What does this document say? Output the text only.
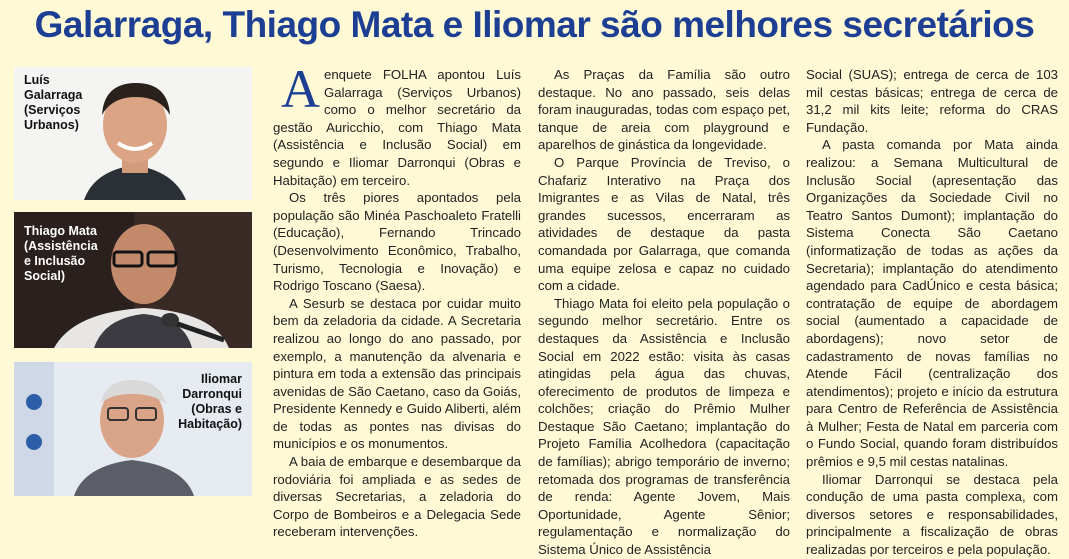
Galarraga, Thiago Mata e Iliomar são melhores secretários
Luís
Galarraga
(Serviços
Urbanos)
Thiago Mata
(Assistência
e Inclusão
Social)
Iliomar
Darronqui
(Obras e
Habitação)

Aenquete FOLHA apontou Luís Galarraga (Serviços Urbanos) como o melhor secretário da gestão Auricchio, com Thiago Mata (Assistência e Inclusão Social) em segundo e Iliomar Darronqui (Obras e Habitação) em terceiro.

Os três piores apontados pela população são Minéa Paschoaleto Fratelli (Educação), Fernando Trincado (Desenvolvimento Econômico, Trabalho, Turismo, Tecnologia e Inovação) e Rodrigo Toscano (Saesa).

A Sesurb se destaca por cuidar muito bem da zeladoria da cidade. A Secretaria realizou ao longo do ano passado, por exemplo, a manutenção da alvenaria e pintura em toda a extensão das principais avenidas de São Caetano, caso da Goiás, Presidente Kennedy e Guido Aliberti, além de todas as pontes nas divisas do municípios e os monumentos.

A baia de embarque e desembarque da rodoviária foi ampliada e as sedes de diversas Secretarias, a zeladoria do Corpo de Bombeiros e a Delegacia Sede receberam intervenções.

As Praças da Família são outro destaque. No ano passado, seis delas foram inauguradas, todas com espaço pet, tanque de areia com playground e aparelhos de ginástica da longevidade.

O Parque Província de Treviso, o Chafariz Interativo na Praça dos Imigrantes e as Vilas de Natal, três grandes sucessos, encerraram as atividades de destaque da pasta comandada por Galarraga, que comanda uma equipe zelosa e capaz no cuidado com a cidade.

Thiago Mata foi eleito pela população o segundo melhor secretário. Entre os destaques da Assistência e Inclusão Social em 2022 estão: visita às casas atingidas pela água das chuvas, oferecimento de produtos de limpeza e colchões; criação do Prêmio Mulher Destaque São Caetano; implantação do Projeto Família Acolhedora (capacitação de famílias); abrigo temporário de inverno; retomada dos programas de transferência de renda: Agente Jovem, Mais Oportunidade, Agente Sênior; regulamentação e normalização do Sistema Único de Assistência

Social (SUAS); entrega de cerca de 103 mil cestas básicas; entrega de cerca de 31,2 mil kits leite; reforma do CRAS Fundação.

A pasta comanda por Mata ainda realizou: a Semana Multicultural de Inclusão Social (apresentação das Organizações da Sociedade Civil no Teatro Santos Dumont); implantação do Sistema Conecta São Caetano (informatização de todas as ações da Secretaria); implantação do atendimento agendado para CadÚnico e cesta básica; contratação de equipe de abordagem social (aumentado a capacidade de abordagens); novo setor de cadastramento de novas famílias no Atende Fácil (centralização dos atendimentos); projeto e início da estrutura para Centro de Referência de Assistência à Mulher; Festa de Natal em parceria com o Fundo Social, quando foram distribuídos prêmios e 9,5 mil cestas natalinas.

Iliomar Darronqui se destaca pela condução de uma pasta complexa, com diversos setores e responsabilidades, principalmente a fiscalização de obras realizadas por terceiros e pela população.
